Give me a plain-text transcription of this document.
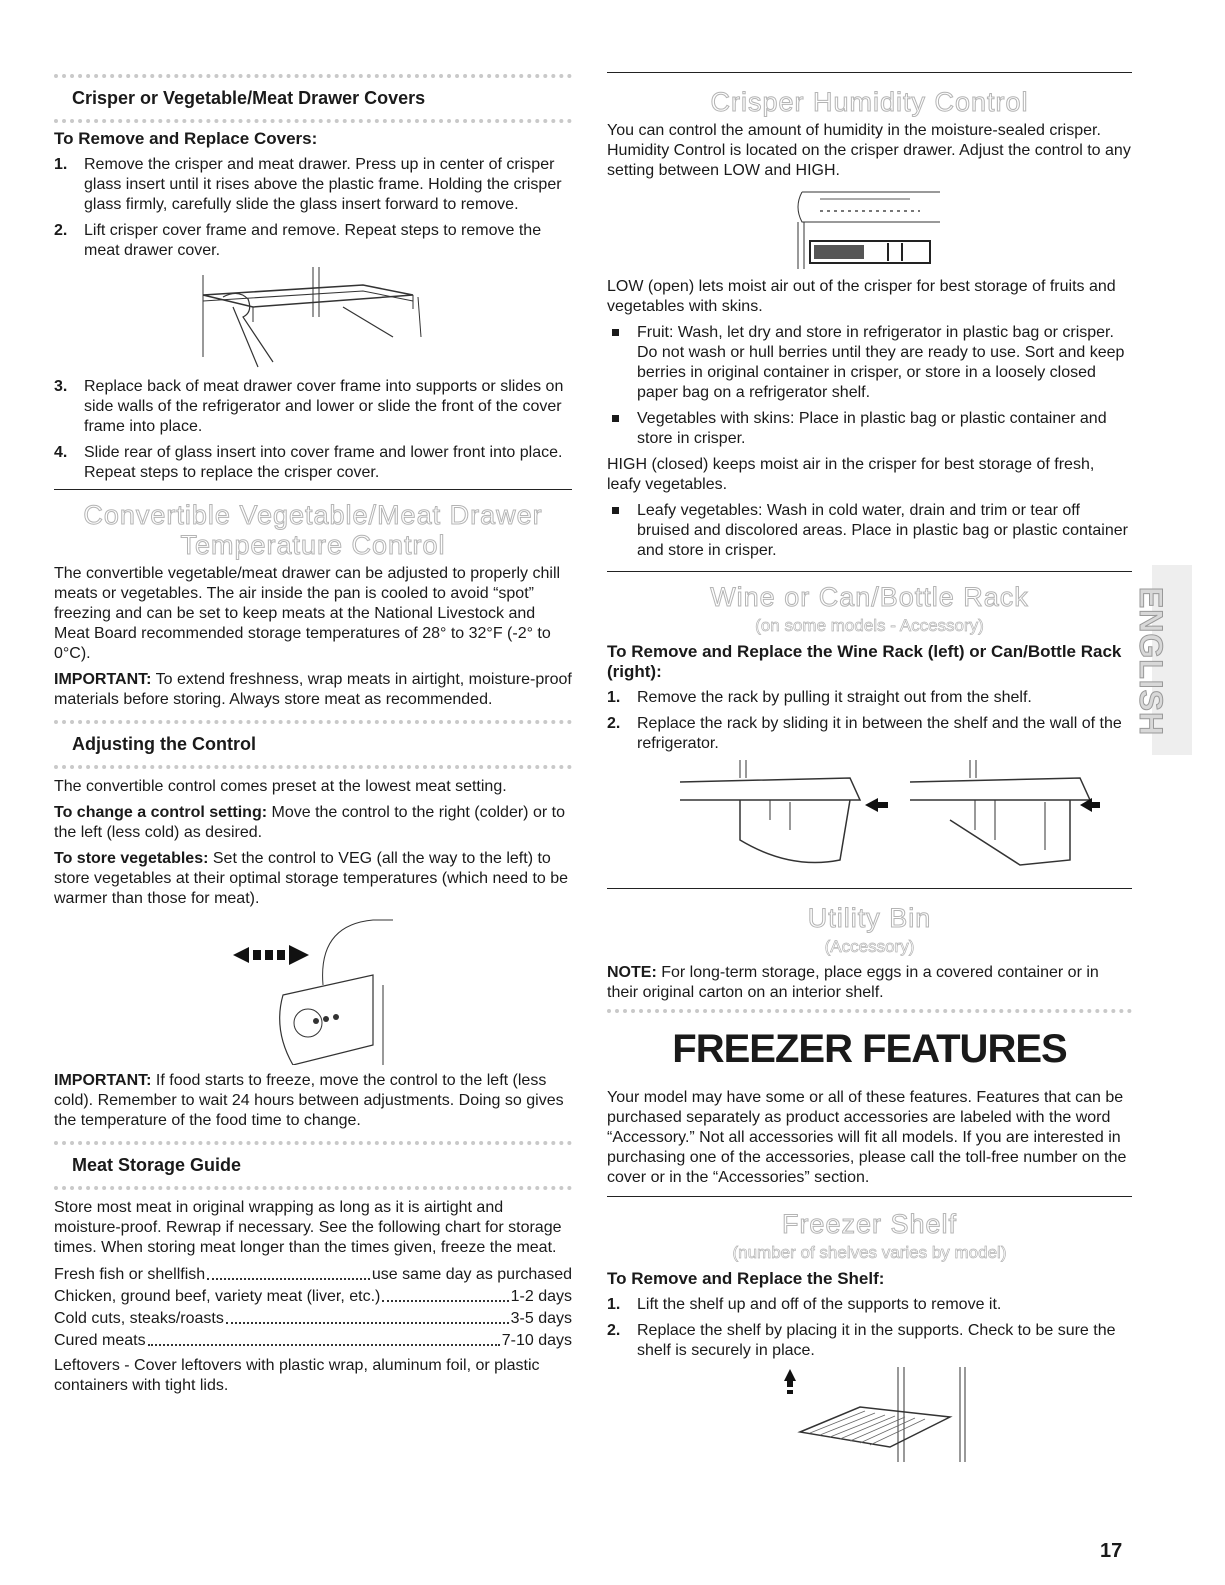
Crisper or Vegetable/Meat Drawer Covers
To Remove and Replace Covers:
1. Remove the crisper and meat drawer. Press up in center of crisper glass insert until it rises above the plastic frame. Holding the crisper glass firmly, carefully slide the glass insert forward to remove.
2. Lift crisper cover frame and remove. Repeat steps to remove the meat drawer cover.
3. Replace back of meat drawer cover frame into supports or slides on side walls of the refrigerator and lower or slide the front of the cover frame into place.
4. Slide rear of glass insert into cover frame and lower front into place. Repeat steps to replace the crisper cover.
Convertible Vegetable/Meat Drawer
Temperature Control

The convertible vegetable/meat drawer can be adjusted to properly chill meats or vegetables. The air inside the pan is cooled to avoid “spot” freezing and can be set to keep meats at the National Livestock and Meat Board recommended storage temperatures of 28° to 32°F (-2° to 0°C).

IMPORTANT: To extend freshness, wrap meats in airtight, moisture-proof materials before storing. Always store meat as recommended.

Adjusting the Control

The convertible control comes preset at the lowest meat setting.

To change a control setting: Move the control to the right (colder) or to the left (less cold) as desired.

To store vegetables: Set the control to VEG (all the way to the left) to store vegetables at their optimal storage temperatures (which need to be warmer than those for meat).

IMPORTANT: If food starts to freeze, move the control to the left (less cold). Remember to wait 24 hours between adjustments. Doing so gives the temperature of the food time to change.

Meat Storage Guide

Store most meat in original wrapping as long as it is airtight and moisture-proof. Rewrap if necessary. See the following chart for storage times. When storing meat longer than the times given, freeze the meat.

Fresh fish or shellfish	use same day as purchased
Chicken, ground beef, variety meat (liver, etc.)	1-2 days
Cold cuts, steaks/roasts	3-5 days
Cured meats	7-10 days

Leftovers - Cover leftovers with plastic wrap, aluminum foil, or plastic containers with tight lids.

Crisper Humidity Control

You can control the amount of humidity in the moisture-sealed crisper. Humidity Control is located on the crisper drawer. Adjust the control to any setting between LOW and HIGH.

LOW (open) lets moist air out of the crisper for best storage of fruits and vegetables with skins.

Fruit: Wash, let dry and store in refrigerator in plastic bag or crisper. Do not wash or hull berries until they are ready to use. Sort and keep berries in original container in crisper, or store in a loosely closed paper bag on a refrigerator shelf.
Vegetables with skins: Place in plastic bag or plastic container and store in crisper.

HIGH (closed) keeps moist air in the crisper for best storage of fresh, leafy vegetables.

Leafy vegetables: Wash in cold water, drain and trim or tear off bruised and discolored areas. Place in plastic bag or plastic container and store in crisper.
Wine or Can/Bottle Rack
(on some models - Accessory)
To Remove and Replace the Wine Rack (left) or Can/Bottle Rack (right):
1. Remove the rack by pulling it straight out from the shelf.
2. Replace the rack by sliding it in between the shelf and the wall of the refrigerator.
Utility Bin
(Accessory)

NOTE: For long-term storage, place eggs in a covered container or in their original carton on an interior shelf.

FREEZER FEATURES

Your model may have some or all of these features. Features that can be purchased separately as product accessories are labeled with the word “Accessory.” Not all accessories will fit all models. If you are interested in purchasing one of the accessories, please call the toll-free number on the cover or in the “Accessories” section.

Freezer Shelf
(number of shelves varies by model)
To Remove and Replace the Shelf:
1. Lift the shelf up and off of the supports to remove it.
2. Replace the shelf by placing it in the supports. Check to be sure the shelf is securely in place.
ENGLISH
17
